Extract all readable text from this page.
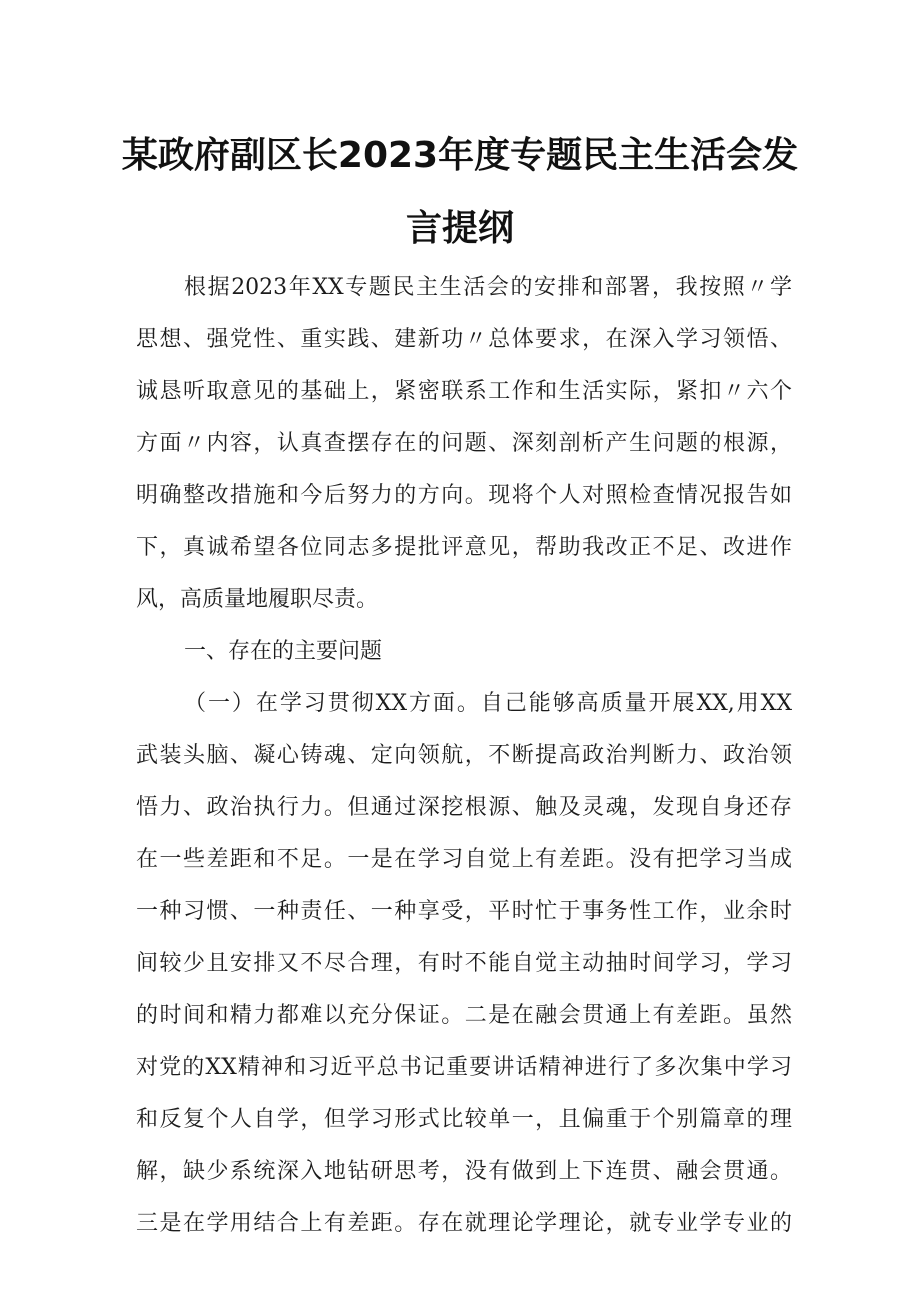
某政府副区长2023年度专题民主生活会发
言提纲
根据2023年XX专题民主生活会的安排和部署，我按照〃学
思想、强党性、重实践、建新功〃总体要求，在深入学习领悟、
诚恳听取意见的基础上，紧密联系工作和生活实际，紧扣〃六个
方面〃内容，认真查摆存在的问题、深刻剖析产生问题的根源，
明确整改措施和今后努力的方向。现将个人对照检查情况报告如
下，真诚希望各位同志多提批评意见，帮助我改正不足、改进作
风，高质量地履职尽责。
一、存在的主要问题
（一）在学习贯彻XX方面。自己能够高质量开展XX,用XX
武装头脑、凝心铸魂、定向领航，不断提高政治判断力、政治领
悟力、政治执行力。但通过深挖根源、触及灵魂，发现自身还存
在一些差距和不足。一是在学习自觉上有差距。没有把学习当成
一种习惯、一种责任、一种享受，平时忙于事务性工作，业余时
间较少且安排又不尽合理，有时不能自觉主动抽时间学习，学习
的时间和精力都难以充分保证。二是在融会贯通上有差距。虽然
对党的XX精神和习近平总书记重要讲话精神进行了多次集中学习
和反复个人自学，但学习形式比较单一，且偏重于个别篇章的理
解，缺少系统深入地钻研思考，没有做到上下连贯、融会贯通。
三是在学用结合上有差距。存在就理论学理论，就专业学专业的
